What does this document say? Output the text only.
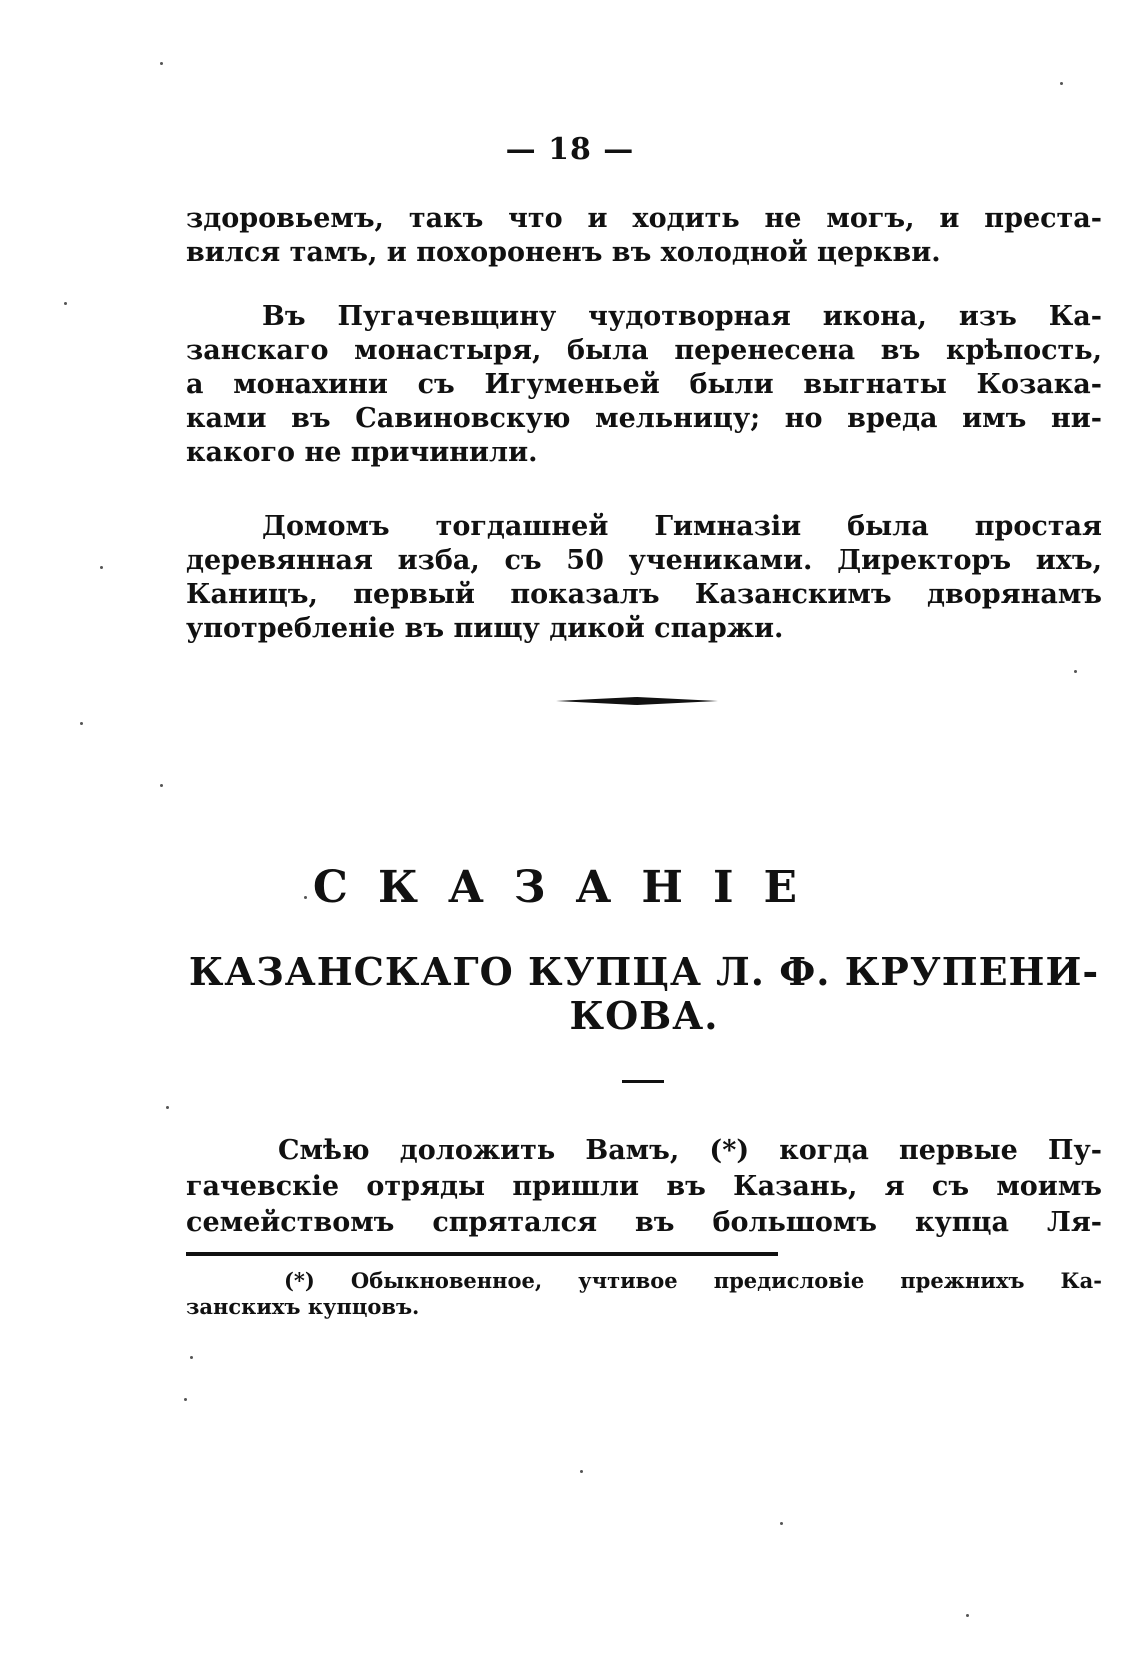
— 18 —
здоровьемъ, такъ что и ходить не могъ, и преста-
вился тамъ, и похороненъ въ холодной церкви.
Въ Пугачевщину чудотворная икона, изъ Ка-
занскаго монастыря, была перенесена въ крѣпость,
а монахини съ Игуменьей были выгнаты Козака-
ками въ Савиновскую мельницу; но вреда имъ ни-
какого не причинили.
Домомъ тогдашней Гимназіи была простая
деревянная изба, съ 50 учениками. Директоръ ихъ,
Каницъ, первый показалъ Казанскимъ дворянамъ
употребленіе въ пищу дикой спаржи.
СКАЗАНІЕ
КАЗАНСКАГО КУПЦА Л. Ф. КРУПЕНИ-
КОВА.
Смѣю доложить Вамъ, (*) когда первые Пу-
гачевскіе отряды пришли въ Казань, я съ моимъ
семействомъ спрятался въ большомъ купца Ля-
(*) Обыкновенное, учтивое предисловіе прежнихъ Ка-
занскихъ купцовъ.
